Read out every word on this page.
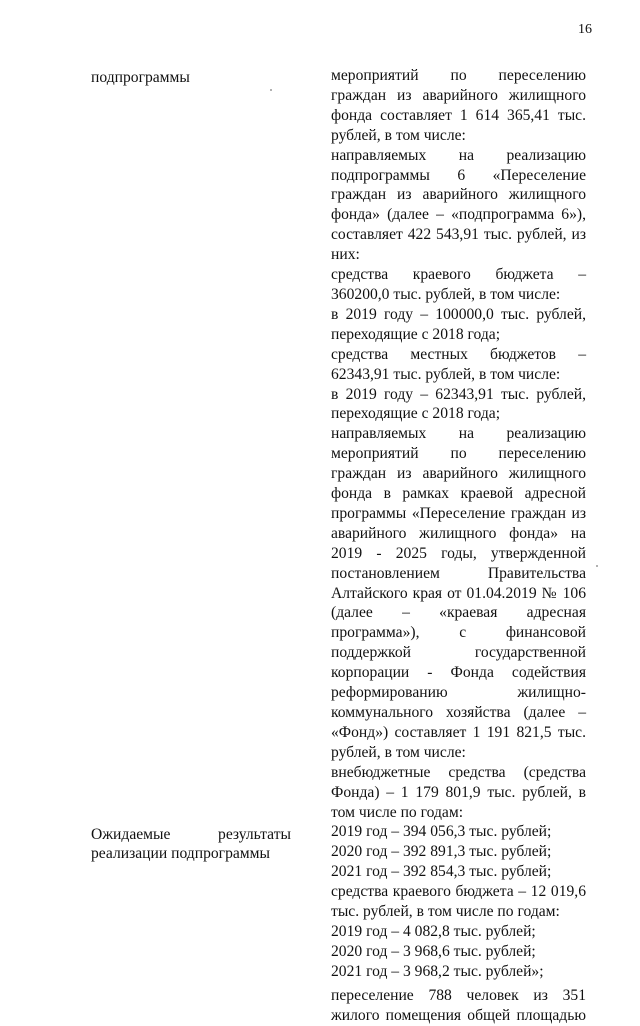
16
подпрограммы
Ожидаемые результаты реализации подпрограммы

мероприятий по переселению граждан из аварийного жилищного фонда составляет 1 614 365,41 тыс. рублей, в том числе:

направляемых на реализацию подпрограммы 6 «Переселение граждан из аварийного жилищного фонда» (далее – «подпрограмма 6»), составляет 422 543,91 тыс. рублей, из них:

средства краевого бюджета – 360200,0 тыс. рублей, в том числе:

в 2019 году – 100000,0 тыс. рублей, переходящие с 2018 года;

средства местных бюджетов – 62343,91 тыс. рублей, в том числе:

в 2019 году – 62343,91 тыс. рублей, переходящие с 2018 года;

направляемых на реализацию мероприятий по переселению граждан из аварийного жилищного фонда в рамках краевой адресной программы «Переселение граждан из аварийного жилищного фонда» на 2019 - 2025 годы, утвержденной постановлением Правительства Алтайского края от 01.04.2019 № 106 (далее – «краевая адресная программа»), с финансовой поддержкой государственной корпорации - Фонда содействия реформированию жилищно-коммунального хозяйства (далее – «Фонд») составляет 1 191 821,5 тыс. рублей, в том числе:

внебюджетные средства (средства Фонда) – 1 179 801,9 тыс. рублей, в том числе по годам:

2019 год – 394 056,3 тыс. рублей;

2020 год – 392 891,3 тыс. рублей;

2021 год – 392 854,3 тыс. рублей;

средства краевого бюджета – 12 019,6 тыс. рублей, в том числе по годам:

2019 год – 4 082,8 тыс. рублей;

2020 год – 3 968,6 тыс. рублей;

2021 год – 3 968,2 тыс. рублей»;

переселение 788 человек из 351 жилого помещения общей площадью
